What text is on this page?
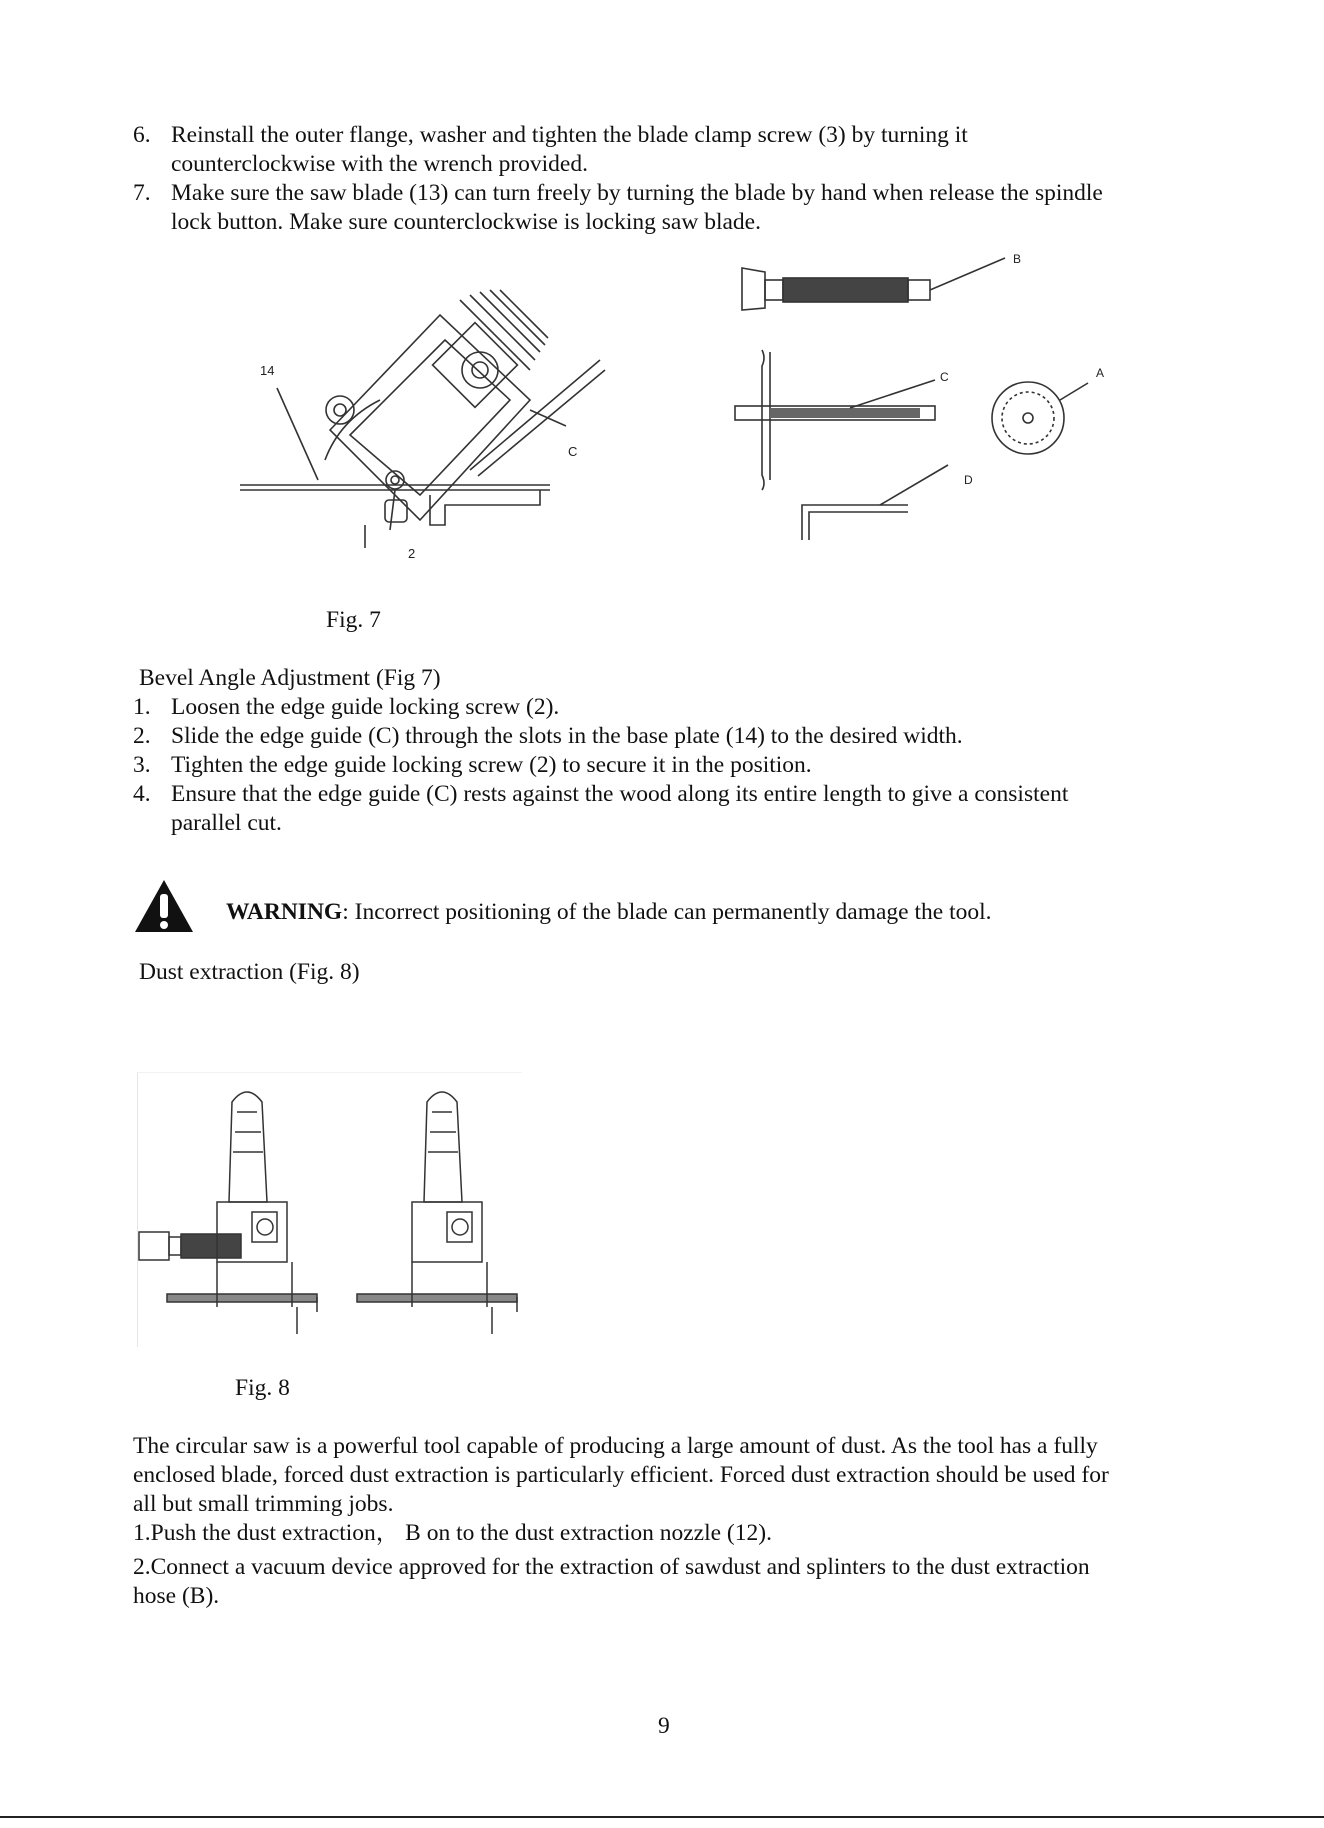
6. Reinstall the outer flange, washer and tighten the blade clamp screw (3) by turning it
counterclockwise with the wrench provided.
7. Make sure the saw blade (13) can turn freely by turning the blade by hand when release the spindle
lock button. Make sure counterclockwise is locking saw blade.
14
C
2
B
C	A
D
Fig. 7
Bevel Angle Adjustment (Fig 7)
1. Loosen the edge guide locking screw (2).
2. Slide the edge guide (C) through the slots in the base plate (14) to the desired width.
3. Tighten the edge guide locking screw (2) to secure it in the position.
4. Ensure that the edge guide (C) rests against the wood along its entire length to give a consistent
parallel cut.
WARNING: Incorrect positioning of the blade can permanently damage the tool.
Dust extraction (Fig. 8)
Fig. 8
The circular saw is a powerful tool capable of producing a large amount of dust. As the tool has a fully
enclosed blade, forced dust extraction is particularly efficient. Forced dust extraction should be used for
all but small trimming jobs.
1.Push the dust extraction， B on to the dust extraction nozzle (12).
2.Connect a vacuum device approved for the extraction of sawdust and splinters to the dust extraction
hose (B).
9
